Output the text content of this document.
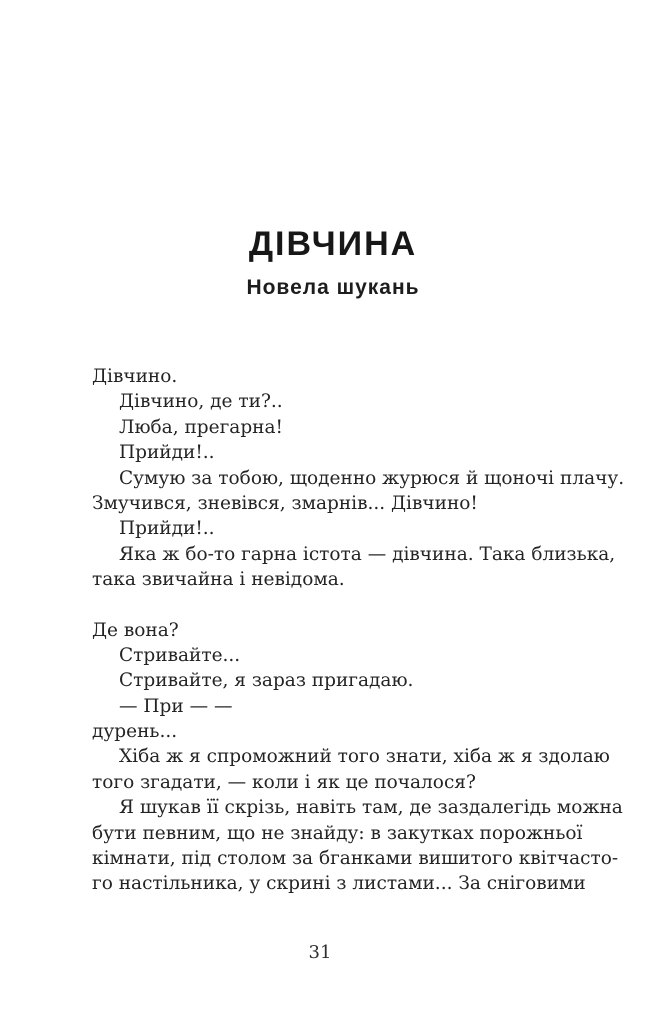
ДІВЧИНА
Новела шукань
Дівчино.
Дівчино, де ти?..
Люба, прегарна!
Прийди!..
Сумую за тобою, щоденно журюся й щоночі плачу.
Змучився, зневівся, змарнів... Дівчино!
Прийди!..
Яка ж бо-то гарна істота — дівчина. Така близька,
така звичайна і невідома.
Де вона?
Стривайте...
Стривайте, я зараз пригадаю.
— При — —
дурень...
Хіба ж я спроможний того знати, хіба ж я здолаю
того згадати, — коли і як це почалося?
Я шукав її скрізь, навіть там, де заздалегідь можна
бути певним, що не знайду: в закутках порожньої
кімнати, під столом за бганками вишитого квітчасто-
го настільника, у скрині з листами... За сніговими
31
